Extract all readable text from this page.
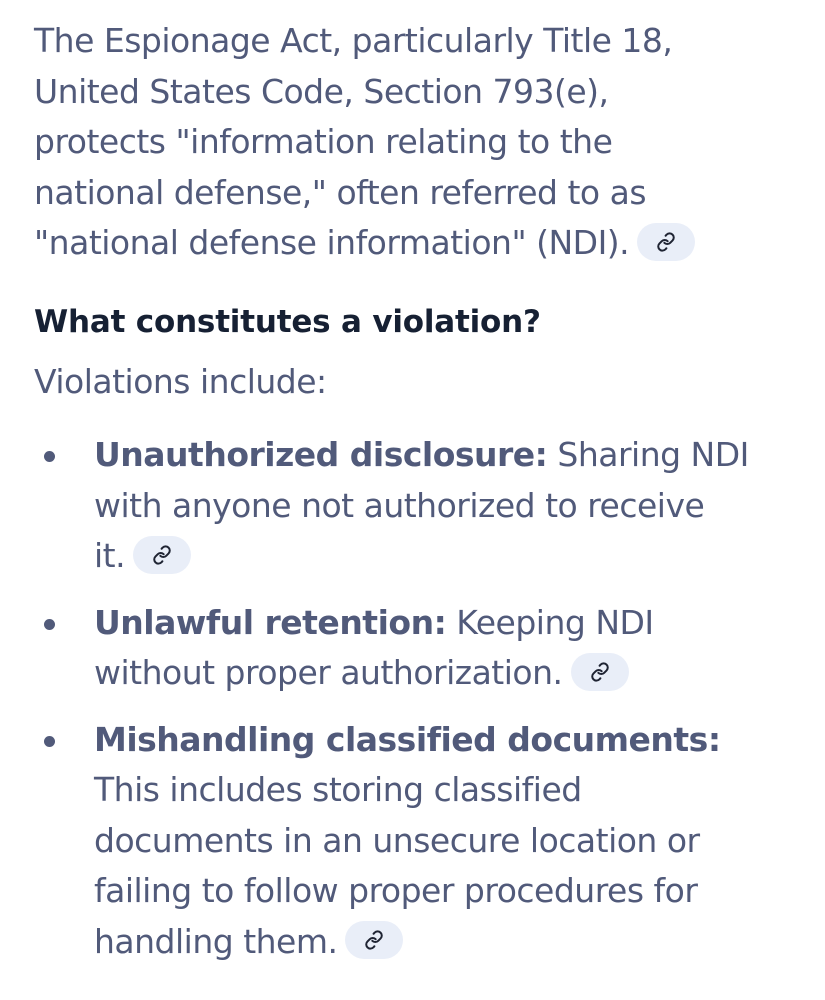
The Espionage Act, particularly Title 18,
United States Code, Section 793(e),
protects "information relating to the
national defense," often referred to as
"national defense information" (NDI).
What constitutes a violation?
Violations include:
Unauthorized disclosure: Sharing NDI
with anyone not authorized to receive
it.
Unlawful retention: Keeping NDI
without proper authorization.
Mishandling classified documents:
This includes storing classified
documents in an unsecure location or
failing to follow proper procedures for
handling them.
